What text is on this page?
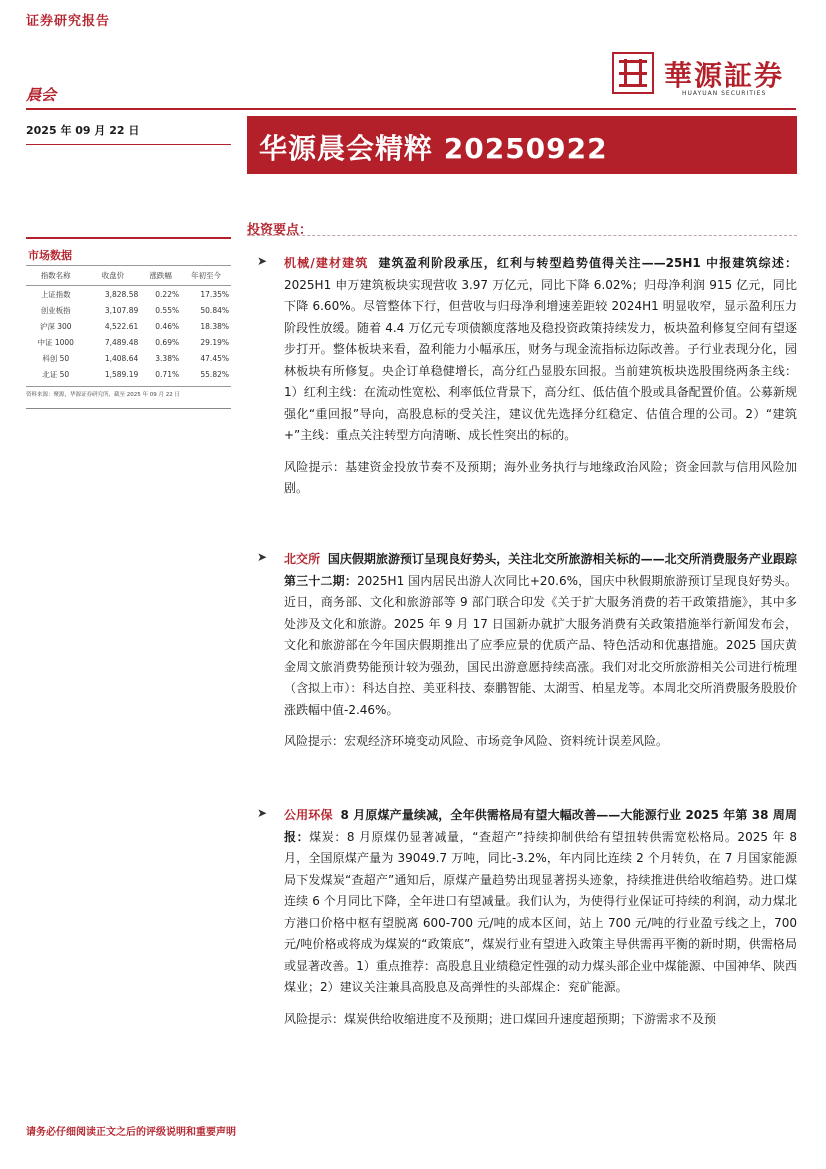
证券研究报告
華源証券
HUAYUAN SECURITIES
晨会
2025 年 09 月 22 日
华源晨会精粹 20250922
投资要点：
市场数据
指数名称	收盘价	涨跌幅	年初至今
上证指数	3,828.58	0.22%	17.35%
创业板指	3,107.89	0.55%	50.84%
沪深 300	4,522.61	0.46%	18.38%
中证 1000	7,489.48	0.69%	29.19%
科创 50	1,408.64	3.38%	47.45%
北证 50	1,589.19	0.71%	55.82%
资料来源：聚源，华源证券研究所，截至 2025 年 09 月 22 日
➤ 机械/建材建筑 建筑盈利阶段承压，红利与转型趋势值得关注——25H1 中报建筑综述：2025H1 申万建筑板块实现营收 3.97 万亿元，同比下降 6.02%；归母净利润 915 亿元，同比下降 6.60%。尽管整体下行，但营收与归母净利增速差距较 2024H1 明显收窄，显示盈利压力阶段性放缓。随着 4.4 万亿元专项债额度落地及稳投资政策持续发力，板块盈利修复空间有望逐步打开。整体板块来看，盈利能力小幅承压，财务与现金流指标边际改善。子行业表现分化，园林板块有所修复。央企订单稳健增长，高分红凸显股东回报。当前建筑板块选股围绕两条主线：1）红利主线：在流动性宽松、利率低位背景下，高分红、低估值个股或具备配置价值。公募新规强化“重回报”导向，高股息标的受关注，建议优先选择分红稳定、估值合理的公司。2）“建筑+”主线：重点关注转型方向清晰、成长性突出的标的。
风险提示：基建资金投放节奏不及预期；海外业务执行与地缘政治风险；资金回款与信用风险加剧。
➤ 北交所 国庆假期旅游预订呈现良好势头，关注北交所旅游相关标的——北交所消费服务产业跟踪第三十二期：2025H1 国内居民出游人次同比+20.6%，国庆中秋假期旅游预订呈现良好势头。近日，商务部、文化和旅游部等 9 部门联合印发《关于扩大服务消费的若干政策措施》，其中多处涉及文化和旅游。2025 年 9 月 17 日国新办就扩大服务消费有关政策措施举行新闻发布会，文化和旅游部在今年国庆假期推出了应季应景的优质产品、特色活动和优惠措施。2025 国庆黄金周文旅消费势能预计较为强劲，国民出游意愿持续高涨。我们对北交所旅游相关公司进行梳理（含拟上市）：科达自控、美亚科技、泰鹏智能、太湖雪、柏星龙等。本周北交所消费服务股股价涨跌幅中值-2.46%。
风险提示：宏观经济环境变动风险、市场竞争风险、资料统计误差风险。
➤ 公用环保 8 月原煤产量续减，全年供需格局有望大幅改善——大能源行业 2025 年第 38 周周报：煤炭：8 月原煤仍显著减量，“查超产”持续抑制供给有望扭转供需宽松格局。2025 年 8 月，全国原煤产量为 39049.7 万吨，同比-3.2%，年内同比连续 2 个月转负，在 7 月国家能源局下发煤炭“查超产”通知后，原煤产量趋势出现显著拐头迹象，持续推进供给收缩趋势。进口煤连续 6 个月同比下降，全年进口有望减量。我们认为，为使得行业保证可持续的利润，动力煤北方港口价格中枢有望脱离 600-700 元/吨的成本区间，站上 700 元/吨的行业盈亏线之上，700 元/吨价格或将成为煤炭的“政策底”，煤炭行业有望进入政策主导供需再平衡的新时期，供需格局或显著改善。1）重点推荐：高股息且业绩稳定性强的动力煤头部企业中煤能源、中国神华、陕西煤业；2）建议关注兼具高股息及高弹性的头部煤企：兖矿能源。
风险提示：煤炭供给收缩进度不及预期；进口煤回升速度超预期；下游需求不及预
请务必仔细阅读正文之后的评级说明和重要声明
